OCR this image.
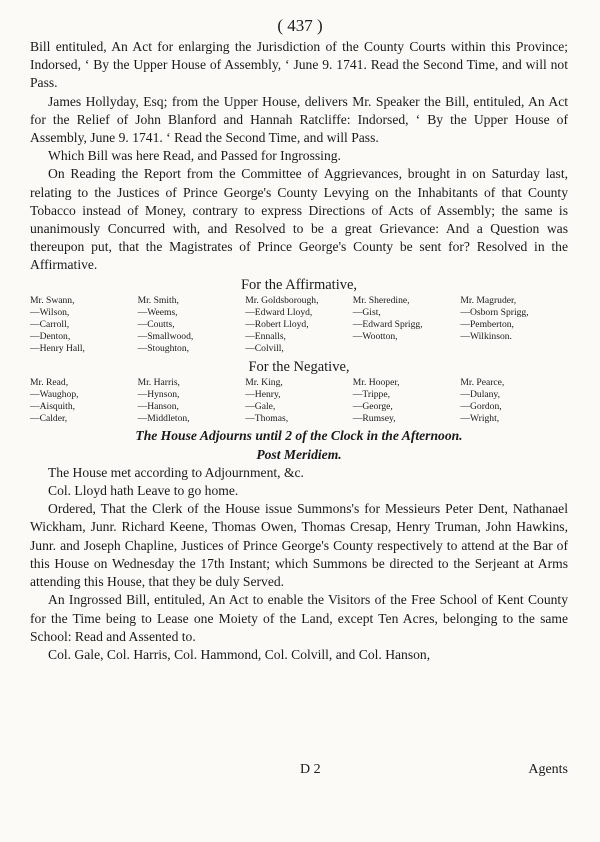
( 437 )

Bill entituled, An Act for enlarging the Jurisdiction of the County Courts within this Province; Indorsed, ‘ By the Upper House of Assembly, ‘ June 9. 1741. Read the Second Time, and will not Pass.

James Hollyday, Esq; from the Upper House, delivers Mr. Speaker the Bill, entituled, An Act for the Relief of John Blanford and Hannah Ratcliffe: Indorsed, ‘ By the Upper House of Assembly, June 9. 1741. ‘ Read the Second Time, and will Pass.

Which Bill was here Read, and Passed for Ingrossing.

On Reading the Report from the Committee of Aggrievances, brought in on Saturday last, relating to the Justices of Prince George's County Levying on the Inhabitants of that County Tobacco instead of Money, contrary to express Directions of Acts of Assembly; the same is unanimously Concurred with, and Resolved to be a great Grievance: And a Question was thereupon put, that the Magistrates of Prince George's County be sent for? Resolved in the Affirmative.

For the Affirmative,

Mr. Swann,
—Wilson,
—Carroll,
—Denton,
—Henry Hall,
Mr. Smith,
—Weems,
—Coutts,
—Smallwood,
—Stoughton,
Mr. Goldsborough,
—Edward Lloyd,
—Robert Lloyd,
—Ennalls,
—Colvill,
Mr. Sheredine,
—Gist,
—Edward Sprigg,
—Wootton,
Mr. Magruder,
—Osborn Sprigg,
—Pemberton,
—Wilkinson.

For the Negative,

Mr. Read,
—Waughop,
—Aisquith,
—Calder,
Mr. Harris,
—Hynson,
—Hanson,
—Middleton,
Mr. King,
—Henry,
—Gale,
—Thomas,
Mr. Hooper,
—Trippe,
—George,
—Rumsey,
Mr. Pearce,
—Dulany,
—Gordon,
—Wright,

The House Adjourns until 2 of the Clock in the Afternoon.

Post Meridiem.

The House met according to Adjournment, &c.

Col. Lloyd hath Leave to go home.

Ordered, That the Clerk of the House issue Summons's for Messieurs Peter Dent, Nathanael Wickham, Junr. Richard Keene, Thomas Owen, Thomas Cresap, Henry Truman, John Hawkins, Junr. and Joseph Chapline, Justices of Prince George's County respectively to attend at the Bar of this House on Wednesday the 17th Instant; which Summons be directed to the Serjeant at Arms attending this House, that they be duly Served.

An Ingrossed Bill, entituled, An Act to enable the Visitors of the Free School of Kent County for the Time being to Lease one Moiety of the Land, except Ten Acres, belonging to the same School: Read and Assented to.

Col. Gale, Col. Harris, Col. Hammond, Col. Colvill, and Col. Hanson,

D 2	Agents
